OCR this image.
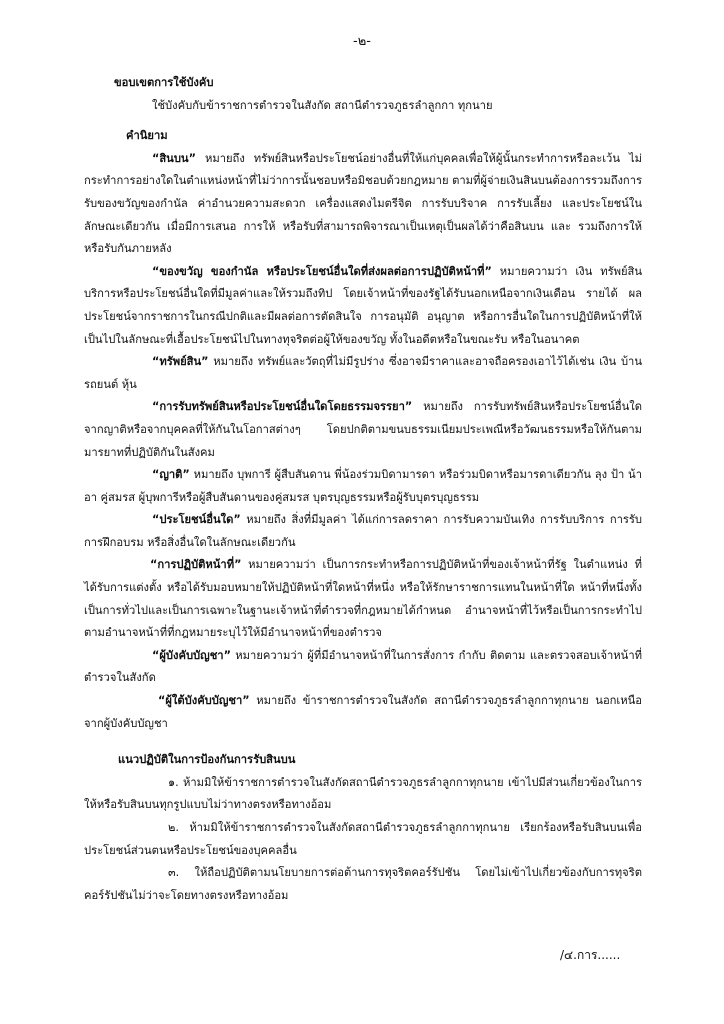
-๒-
ขอบเขตการใช้บังคับ

ใช้บังคับกับข้าราชการตำรวจในสังกัด สถานีตำรวจภูธรลำลูกกา ทุกนาย

คำนิยาม

“สินบน” หมายถึง ทรัพย์สินหรือประโยชน์อย่างอื่นที่ให้แก่บุคคลเพื่อให้ผู้นั้นกระทำการหรือละเว้น ไม่กระทำการอย่างใดในตำแหน่งหน้าที่ไม่ว่าการนั้นชอบหรือมิชอบด้วยกฎหมาย ตามที่ผู้จ่ายเงินสินบนต้องการรวมถึงการรับของขวัญของกำนัล ค่าอำนวยความสะดวก เครื่องแสดงไมตรีจิต การรับบริจาค การรับเลี้ยง และประโยชน์ในลักษณะเดียวกัน เมื่อมีการเสนอ การให้ หรือรับที่สามารถพิจารณาเป็นเหตุเป็นผลได้ว่าคือสินบน และ รวมถึงการให้หรือรับกันภายหลัง

“ของขวัญ ของกำนัล หรือประโยชน์อื่นใดที่ส่งผลต่อการปฏิบัติหน้าที่” หมายความว่า เงิน ทรัพย์สิน บริการหรือประโยชน์อื่นใดที่มีมูลค่าและให้รวมถึงทิป โดยเจ้าหน้าที่ของรัฐได้รับนอกเหนือจากเงินเดือน รายได้ ผลประโยชน์จากราชการในกรณีปกติและมีผลต่อการตัดสินใจ การอนุมัติ อนุญาต หรือการอื่นใดในการปฏิบัติหน้าที่ให้เป็นไปในลักษณะที่เอื้อประโยชน์ไปในทางทุจริตต่อผู้ให้ของขวัญ ทั้งในอดีตหรือในขณะรับ หรือในอนาคต

“ทรัพย์สิน” หมายถึง ทรัพย์และวัตถุที่ไม่มีรูปร่าง ซึ่งอาจมีราคาและอาจถือครองเอาไว้ได้เช่น เงิน บ้าน รถยนต์ หุ้น

“การรับทรัพย์สินหรือประโยชน์อื่นใดโดยธรรมจรรยา” หมายถึง การรับทรัพย์สินหรือประโยชน์อื่นใดจากญาติหรือจากบุคคลที่ให้กันในโอกาสต่างๆ โดยปกติตามขนบธรรมเนียมประเพณีหรือวัฒนธรรมหรือให้กันตามมารยาทที่ปฏิบัติกันในสังคม

“ญาติ” หมายถึง บุพการี ผู้สืบสันดาน พี่น้องร่วมบิดามารดา หรือร่วมบิดาหรือมารดาเดียวกัน ลุง ป้า น้า อา คู่สมรส ผู้บุพการีหรือผู้สืบสันดานของคู่สมรส บุตรบุญธรรมหรือผู้รับบุตรบุญธรรม

“ประโยชน์อื่นใด” หมายถึง สิ่งที่มีมูลค่า ได้แก่การลดราคา การรับความบันเทิง การรับบริการ การรับการฝึกอบรม หรือสิ่งอื่นใดในลักษณะเดียวกัน

“การปฏิบัติหน้าที่” หมายความว่า เป็นการกระทำหรือการปฏิบัติหน้าที่ของเจ้าหน้าที่รัฐ ในตำแหน่ง ที่ได้รับการแต่งตั้ง หรือได้รับมอบหมายให้ปฏิบัติหน้าที่ใดหน้าที่หนึ่ง หรือให้รักษาราชการแทนในหน้าที่ใด หน้าที่หนึ่งทั้งเป็นการทั่วไปและเป็นการเฉพาะในฐานะเจ้าหน้าที่ตำรวจที่กฎหมายได้กำหนด อำนาจหน้าที่ไว้หรือเป็นการกระทำไปตามอำนาจหน้าที่ที่กฎหมายระบุไว้ให้มีอำนาจหน้าที่ของตำรวจ

“ผู้บังคับบัญชา” หมายความว่า ผู้ที่มีอำนาจหน้าที่ในการสั่งการ กำกับ ติดตาม และตรวจสอบเจ้าหน้าที่ตำรวจในสังกัด

“ผู้ใต้บังคับบัญชา” หมายถึง ข้าราชการตำรวจในสังกัด สถานีตำรวจภูธรลำลูกกาทุกนาย นอกเหนือจากผู้บังคับบัญชา

แนวปฏิบัติในการป้องกันการรับสินบน

๑. ห้ามมิให้ข้าราชการตำรวจในสังกัดสถานีตำรวจภูธรลำลูกกาทุกนาย เข้าไปมีส่วนเกี่ยวข้องในการให้หรือรับสินบนทุกรูปแบบไม่ว่าทางตรงหรือทางอ้อม

๒. ห้ามมิให้ข้าราชการตำรวจในสังกัดสถานีตำรวจภูธรลำลูกกาทุกนาย เรียกร้องหรือรับสินบนเพื่อประโยชน์ส่วนตนหรือประโยชน์ของบุคคลอื่น

๓. ให้ถือปฏิบัติตามนโยบายการต่อต้านการทุจริตคอร์รัปชัน โดยไม่เข้าไปเกี่ยวข้องกับการทุจริตคอร์รัปชันไม่ว่าจะโดยทางตรงหรือทางอ้อม

/๔.การ......
